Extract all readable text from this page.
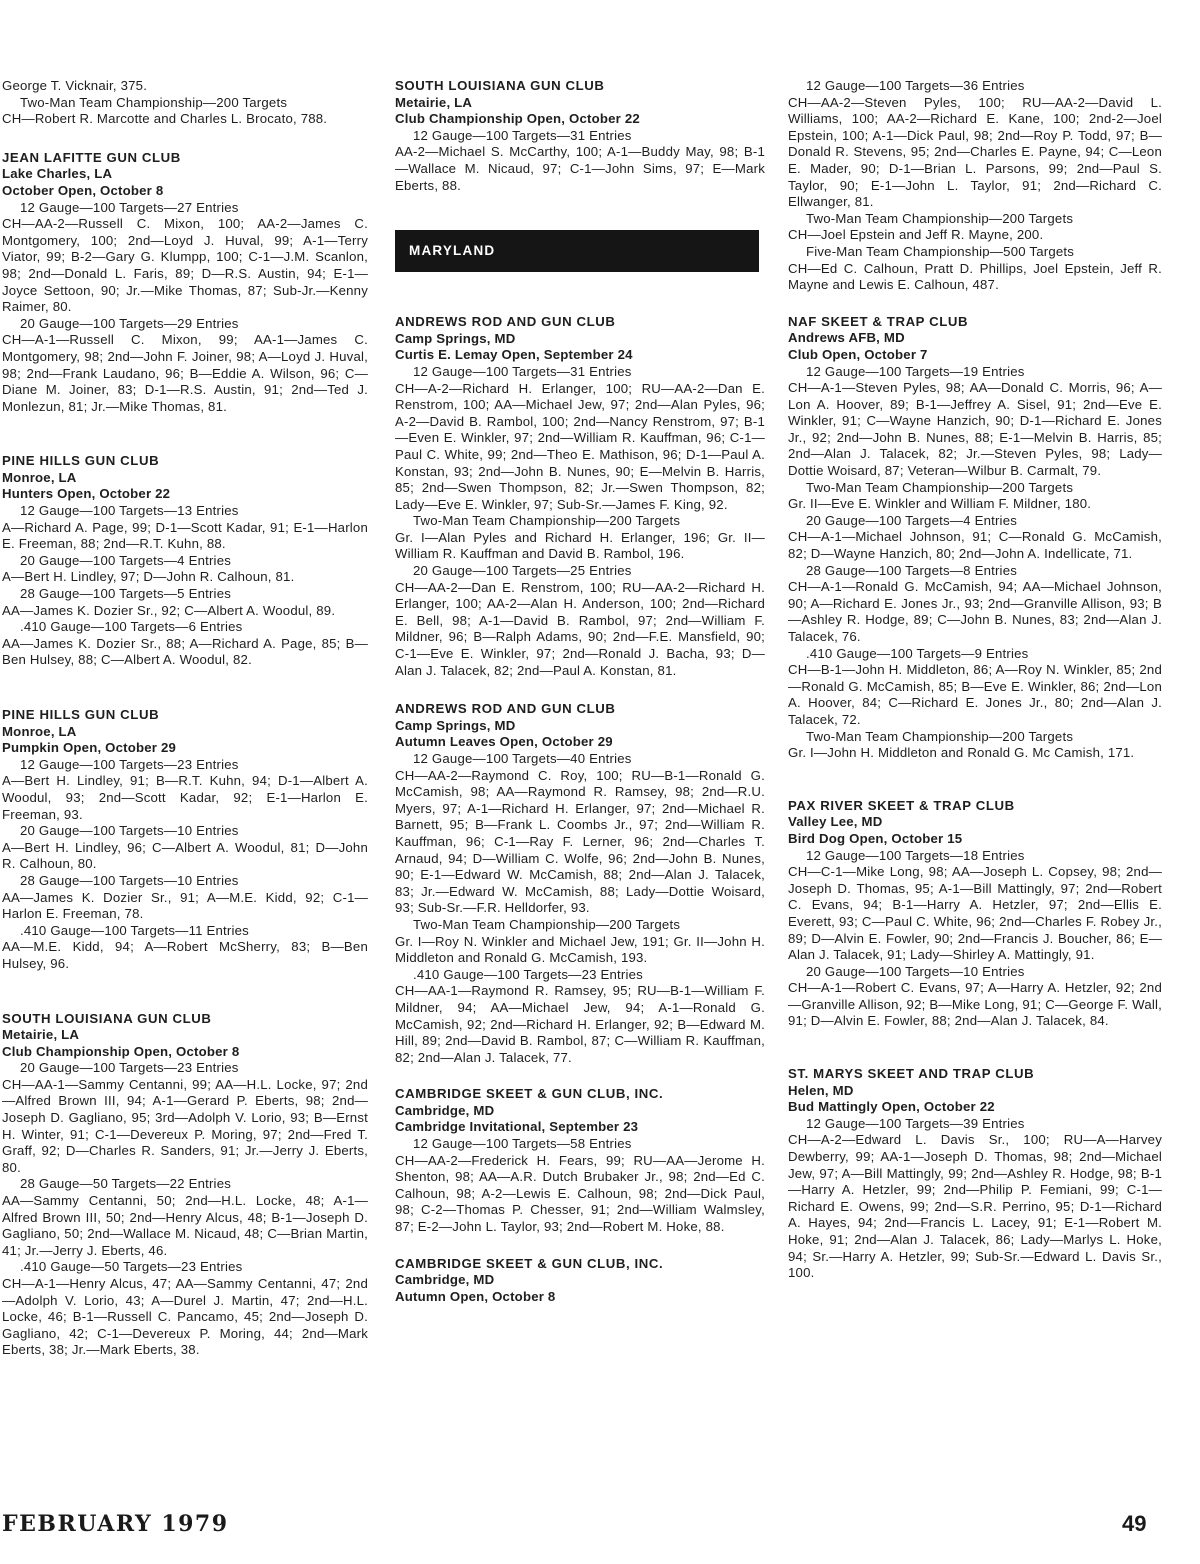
George T. Vicknair, 375.

Two-Man Team Championship—200 Targets

CH—Robert R. Marcotte and Charles L. Brocato, 788.

JEAN LAFITTE GUN CLUB
Lake Charles, LA
October Open, October 8

12 Gauge—100 Targets—27 Entries

CH—AA-2—Russell C. Mixon, 100; AA-2—James C. Montgomery, 100; 2nd—Loyd J. Huval, 99; A-1—Terry Viator, 99; B-2—Gary G. Klumpp, 100; C-1—J.M. Scanlon, 98; 2nd—Donald L. Faris, 89; D—R.S. Austin, 94; E-1—Joyce Settoon, 90; Jr.—Mike Thomas, 87; Sub-Jr.—Kenny Raimer, 80.

20 Gauge—100 Targets—29 Entries

CH—A-1—Russell C. Mixon, 99; AA-1—James C. Montgomery, 98; 2nd—John F. Joiner, 98; A—Loyd J. Huval, 98; 2nd—Frank Laudano, 96; B—Eddie A. Wilson, 96; C—Diane M. Joiner, 83; D-1—R.S. Austin, 91; 2nd—Ted J. Monlezun, 81; Jr.—Mike Thomas, 81.

PINE HILLS GUN CLUB
Monroe, LA
Hunters Open, October 22

12 Gauge—100 Targets—13 Entries

A—Richard A. Page, 99; D-1—Scott Kadar, 91; E-1—Harlon E. Freeman, 88; 2nd—R.T. Kuhn, 88.

20 Gauge—100 Targets—4 Entries

A—Bert H. Lindley, 97; D—John R. Calhoun, 81.

28 Gauge—100 Targets—5 Entries

AA—James K. Dozier Sr., 92; C—Albert A. Woodul, 89.

.410 Gauge—100 Targets—6 Entries

AA—James K. Dozier Sr., 88; A—Richard A. Page, 85; B—Ben Hulsey, 88; C—Albert A. Woodul, 82.

PINE HILLS GUN CLUB
Monroe, LA
Pumpkin Open, October 29

12 Gauge—100 Targets—23 Entries

A—Bert H. Lindley, 91; B—R.T. Kuhn, 94; D-1—Albert A. Woodul, 93; 2nd—Scott Kadar, 92; E-1—Harlon E. Freeman, 93.

20 Gauge—100 Targets—10 Entries

A—Bert H. Lindley, 96; C—Albert A. Woodul, 81; D—John R. Calhoun, 80.

28 Gauge—100 Targets—10 Entries

AA—James K. Dozier Sr., 91; A—M.E. Kidd, 92; C-1—Harlon E. Freeman, 78.

.410 Gauge—100 Targets—11 Entries

AA—M.E. Kidd, 94; A—Robert McSherry, 83; B—Ben Hulsey, 96.

SOUTH LOUISIANA GUN CLUB
Metairie, LA
Club Championship Open, October 8

20 Gauge—100 Targets—23 Entries

CH—AA-1—Sammy Centanni, 99; AA—H.L. Locke, 97; 2nd—Alfred Brown III, 94; A-1—Gerard P. Eberts, 98; 2nd—Joseph D. Gagliano, 95; 3rd—Adolph V. Lorio, 93; B—Ernst H. Winter, 91; C-1—Devereux P. Moring, 97; 2nd—Fred T. Graff, 92; D—Charles R. Sanders, 91; Jr.—Jerry J. Eberts, 80.

28 Gauge—50 Targets—22 Entries

AA—Sammy Centanni, 50; 2nd—H.L. Locke, 48; A-1—Alfred Brown III, 50; 2nd—Henry Alcus, 48; B-1—Joseph D. Gagliano, 50; 2nd—Wallace M. Nicaud, 48; C—Brian Martin, 41; Jr.—Jerry J. Eberts, 46.

.410 Gauge—50 Targets—23 Entries

CH—A-1—Henry Alcus, 47; AA—Sammy Centanni, 47; 2nd—Adolph V. Lorio, 43; A—Durel J. Martin, 47; 2nd—H.L. Locke, 46; B-1—Russell C. Pancamo, 45; 2nd—Joseph D. Gagliano, 42; C-1—Devereux P. Moring, 44; 2nd—Mark Eberts, 38; Jr.—Mark Eberts, 38.

SOUTH LOUISIANA GUN CLUB
Metairie, LA
Club Championship Open, October 22

12 Gauge—100 Targets—31 Entries

AA-2—Michael S. McCarthy, 100; A-1—Buddy May, 98; B-1—Wallace M. Nicaud, 97; C-1—John Sims, 97; E—Mark Eberts, 88.

MARYLAND
ANDREWS ROD AND GUN CLUB
Camp Springs, MD
Curtis E. Lemay Open, September 24

12 Gauge—100 Targets—31 Entries

CH—A-2—Richard H. Erlanger, 100; RU—AA-2—Dan E. Renstrom, 100; AA—Michael Jew, 97; 2nd—Alan Pyles, 96; A-2—David B. Rambol, 100; 2nd—Nancy Renstrom, 97; B-1—Even E. Winkler, 97; 2nd—William R. Kauffman, 96; C-1—Paul C. White, 99; 2nd—Theo E. Mathison, 96; D-1—Paul A. Konstan, 93; 2nd—John B. Nunes, 90; E—Melvin B. Harris, 85; 2nd—Swen Thompson, 82; Jr.—Swen Thompson, 82; Lady—Eve E. Winkler, 97; Sub-Sr.—James F. King, 92.

Two-Man Team Championship—200 Targets

Gr. I—Alan Pyles and Richard H. Erlanger, 196; Gr. II—William R. Kauffman and David B. Rambol, 196.

20 Gauge—100 Targets—25 Entries

CH—AA-2—Dan E. Renstrom, 100; RU—AA-2—Richard H. Erlanger, 100; AA-2—Alan H. Anderson, 100; 2nd—Richard E. Bell, 98; A-1—David B. Rambol, 97; 2nd—William F. Mildner, 96; B—Ralph Adams, 90; 2nd—F.E. Mansfield, 90; C-1—Eve E. Winkler, 97; 2nd—Ronald J. Bacha, 93; D—Alan J. Talacek, 82; 2nd—Paul A. Konstan, 81.

ANDREWS ROD AND GUN CLUB
Camp Springs, MD
Autumn Leaves Open, October 29

12 Gauge—100 Targets—40 Entries

CH—AA-2—Raymond C. Roy, 100; RU—B-1—Ronald G. McCamish, 98; AA—Raymond R. Ramsey, 98; 2nd—R.U. Myers, 97; A-1—Richard H. Erlanger, 97; 2nd—Michael R. Barnett, 95; B—Frank L. Coombs Jr., 97; 2nd—William R. Kauffman, 96; C-1—Ray F. Lerner, 96; 2nd—Charles T. Arnaud, 94; D—William C. Wolfe, 96; 2nd—John B. Nunes, 90; E-1—Edward W. McCamish, 88; 2nd—Alan J. Talacek, 83; Jr.—Edward W. McCamish, 88; Lady—Dottie Woisard, 93; Sub-Sr.—F.R. Helldorfer, 93.

Two-Man Team Championship—200 Targets

Gr. I—Roy N. Winkler and Michael Jew, 191; Gr. II—John H. Middleton and Ronald G. McCamish, 193.

.410 Gauge—100 Targets—23 Entries

CH—AA-1—Raymond R. Ramsey, 95; RU—B-1—William F. Mildner, 94; AA—Michael Jew, 94; A-1—Ronald G. McCamish, 92; 2nd—Richard H. Erlanger, 92; B—Edward M. Hill, 89; 2nd—David B. Rambol, 87; C—William R. Kauffman, 82; 2nd—Alan J. Talacek, 77.

CAMBRIDGE SKEET & GUN CLUB, INC.
Cambridge, MD
Cambridge Invitational, September 23

12 Gauge—100 Targets—58 Entries

CH—AA-2—Frederick H. Fears, 99; RU—AA—Jerome H. Shenton, 98; AA—A.R. Dutch Brubaker Jr., 98; 2nd—Ed C. Calhoun, 98; A-2—Lewis E. Calhoun, 98; 2nd—Dick Paul, 98; C-2—Thomas P. Chesser, 91; 2nd—William Walmsley, 87; E-2—John L. Taylor, 93; 2nd—Robert M. Hoke, 88.

CAMBRIDGE SKEET & GUN CLUB, INC.
Cambridge, MD
Autumn Open, October 8

12 Gauge—100 Targets—36 Entries

CH—AA-2—Steven Pyles, 100; RU—AA-2—David L. Williams, 100; AA-2—Richard E. Kane, 100; 2nd-2—Joel Epstein, 100; A-1—Dick Paul, 98; 2nd—Roy P. Todd, 97; B—Donald R. Stevens, 95; 2nd—Charles E. Payne, 94; C—Leon E. Mader, 90; D-1—Brian L. Parsons, 99; 2nd—Paul S. Taylor, 90; E-1—John L. Taylor, 91; 2nd—Richard C. Ellwanger, 81.

Two-Man Team Championship—200 Targets

CH—Joel Epstein and Jeff R. Mayne, 200.

Five-Man Team Championship—500 Targets

CH—Ed C. Calhoun, Pratt D. Phillips, Joel Epstein, Jeff R. Mayne and Lewis E. Calhoun, 487.

NAF SKEET & TRAP CLUB
Andrews AFB, MD
Club Open, October 7

12 Gauge—100 Targets—19 Entries

CH—A-1—Steven Pyles, 98; AA—Donald C. Morris, 96; A—Lon A. Hoover, 89; B-1—Jeffrey A. Sisel, 91; 2nd—Eve E. Winkler, 91; C—Wayne Hanzich, 90; D-1—Richard E. Jones Jr., 92; 2nd—John B. Nunes, 88; E-1—Melvin B. Harris, 85; 2nd—Alan J. Talacek, 82; Jr.—Steven Pyles, 98; Lady—Dottie Woisard, 87; Veteran—Wilbur B. Carmalt, 79.

Two-Man Team Championship—200 Targets

Gr. II—Eve E. Winkler and William F. Mildner, 180.

20 Gauge—100 Targets—4 Entries

CH—A-1—Michael Johnson, 91; C—Ronald G. McCamish, 82; D—Wayne Hanzich, 80; 2nd—John A. Indellicate, 71.

28 Gauge—100 Targets—8 Entries

CH—A-1—Ronald G. McCamish, 94; AA—Michael Johnson, 90; A—Richard E. Jones Jr., 93; 2nd—Granville Allison, 93; B—Ashley R. Hodge, 89; C—John B. Nunes, 83; 2nd—Alan J. Talacek, 76.

.410 Gauge—100 Targets—9 Entries

CH—B-1—John H. Middleton, 86; A—Roy N. Winkler, 85; 2nd—Ronald G. McCamish, 85; B—Eve E. Winkler, 86; 2nd—Lon A. Hoover, 84; C—Richard E. Jones Jr., 80; 2nd—Alan J. Talacek, 72.

Two-Man Team Championship—200 Targets

Gr. I—John H. Middleton and Ronald G. Mc Camish, 171.

PAX RIVER SKEET & TRAP CLUB
Valley Lee, MD
Bird Dog Open, October 15

12 Gauge—100 Targets—18 Entries

CH—C-1—Mike Long, 98; AA—Joseph L. Copsey, 98; 2nd—Joseph D. Thomas, 95; A-1—Bill Mattingly, 97; 2nd—Robert C. Evans, 94; B-1—Harry A. Hetzler, 97; 2nd—Ellis E. Everett, 93; C—Paul C. White, 96; 2nd—Charles F. Robey Jr., 89; D—Alvin E. Fowler, 90; 2nd—Francis J. Boucher, 86; E—Alan J. Talacek, 91; Lady—Shirley A. Mattingly, 91.

20 Gauge—100 Targets—10 Entries

CH—A-1—Robert C. Evans, 97; A—Harry A. Hetzler, 92; 2nd—Granville Allison, 92; B—Mike Long, 91; C—George F. Wall, 91; D—Alvin E. Fowler, 88; 2nd—Alan J. Talacek, 84.

ST. MARYS SKEET AND TRAP CLUB
Helen, MD
Bud Mattingly Open, October 22

12 Gauge—100 Targets—39 Entries

CH—A-2—Edward L. Davis Sr., 100; RU—A—Harvey Dewberry, 99; AA-1—Joseph D. Thomas, 98; 2nd—Michael Jew, 97; A—Bill Mattingly, 99; 2nd—Ashley R. Hodge, 98; B-1—Harry A. Hetzler, 99; 2nd—Philip P. Femiani, 99; C-1—Richard E. Owens, 99; 2nd—S.R. Perrino, 95; D-1—Richard A. Hayes, 94; 2nd—Francis L. Lacey, 91; E-1—Robert M. Hoke, 91; 2nd—Alan J. Talacek, 86; Lady—Marlys L. Hoke, 94; Sr.—Harry A. Hetzler, 99; Sub-Sr.—Edward L. Davis Sr., 100.

FEBRUARY 1979	49
